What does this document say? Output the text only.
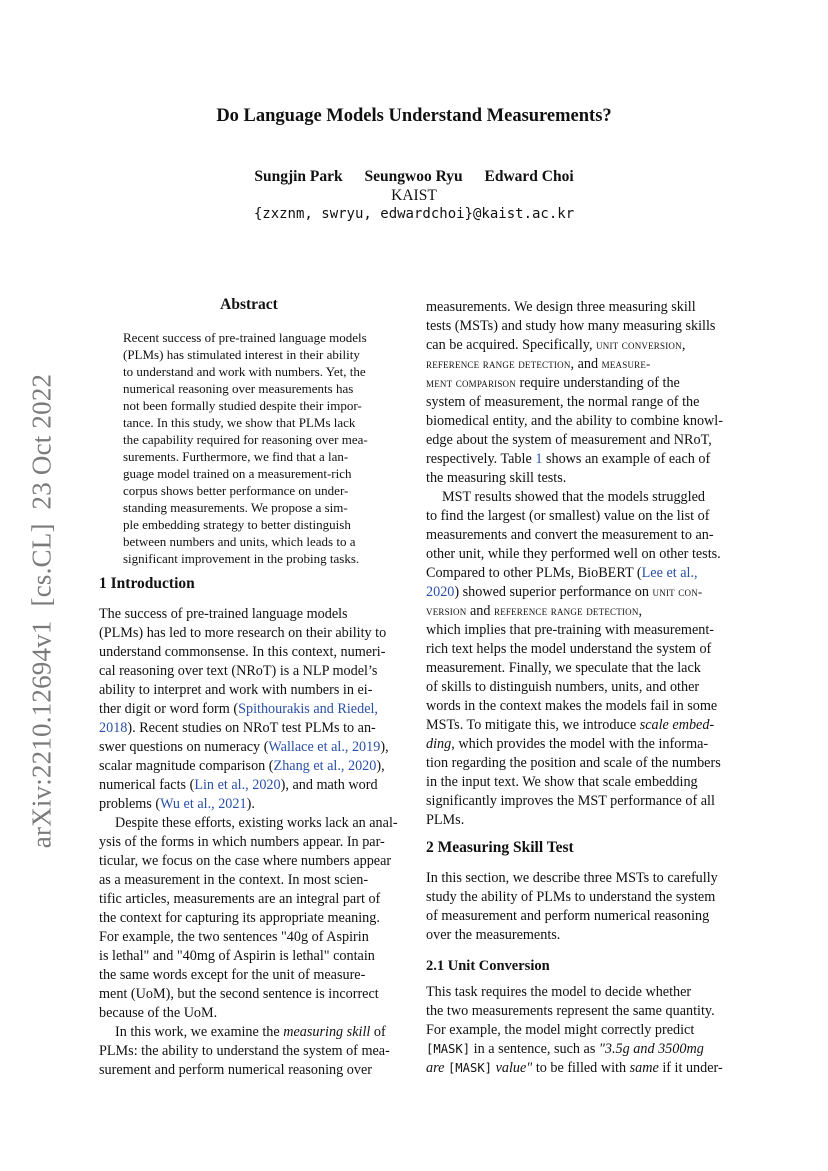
Do Language Models Understand Measurements?
Sungjin Park Seungwoo Ryu Edward Choi
KAIST
{zxznm, swryu, edwardchoi}@kaist.ac.kr
arXiv:2210.12694v1  [cs.CL]  23 Oct 2022
Abstract
Recent success of pre-trained language models
(PLMs) has stimulated interest in their ability
to understand and work with numbers. Yet, the
numerical reasoning over measurements has
not been formally studied despite their impor-
tance. In this study, we show that PLMs lack
the capability required for reasoning over mea-
surements. Furthermore, we find that a lan-
guage model trained on a measurement-rich
corpus shows better performance on under-
standing measurements. We propose a sim-
ple embedding strategy to better distinguish
between numbers and units, which leads to a
significant improvement in the probing tasks.
1 Introduction
The success of pre-trained language models
(PLMs) has led to more research on their ability to
understand commonsense. In this context, numeri-
cal reasoning over text (NRoT) is a NLP model’s
ability to interpret and work with numbers in ei-
ther digit or word form (Spithourakis and Riedel,
2018). Recent studies on NRoT test PLMs to an-
swer questions on numeracy (Wallace et al., 2019),
scalar magnitude comparison (Zhang et al., 2020),
numerical facts (Lin et al., 2020), and math word
problems (Wu et al., 2021).
Despite these efforts, existing works lack an anal-
ysis of the forms in which numbers appear. In par-
ticular, we focus on the case where numbers appear
as a measurement in the context. In most scien-
tific articles, measurements are an integral part of
the context for capturing its appropriate meaning.
For example, the two sentences "40g of Aspirin
is lethal" and "40mg of Aspirin is lethal" contain
the same words except for the unit of measure-
ment (UoM), but the second sentence is incorrect
because of the UoM.
In this work, we examine the measuring skill of
PLMs: the ability to understand the system of mea-
surement and perform numerical reasoning over
measurements. We design three measuring skill
tests (MSTs) and study how many measuring skills
can be acquired. Specifically, unit conversion,
reference range detection, and measure-
ment comparison require understanding of the
system of measurement, the normal range of the
biomedical entity, and the ability to combine knowl-
edge about the system of measurement and NRoT,
respectively. Table 1 shows an example of each of
the measuring skill tests.
MST results showed that the models struggled
to find the largest (or smallest) value on the list of
measurements and convert the measurement to an-
other unit, while they performed well on other tests.
Compared to other PLMs, BioBERT (Lee et al.,
2020) showed superior performance on unit con-
version and reference range detection,
which implies that pre-training with measurement-
rich text helps the model understand the system of
measurement. Finally, we speculate that the lack
of skills to distinguish numbers, units, and other
words in the context makes the models fail in some
MSTs. To mitigate this, we introduce scale embed-
ding, which provides the model with the informa-
tion regarding the position and scale of the numbers
in the input text. We show that scale embedding
significantly improves the MST performance of all
PLMs.
2 Measuring Skill Test
In this section, we describe three MSTs to carefully
study the ability of PLMs to understand the system
of measurement and perform numerical reasoning
over the measurements.
2.1 Unit Conversion
This task requires the model to decide whether
the two measurements represent the same quantity.
For example, the model might correctly predict
[MASK] in a sentence, such as "3.5g and 3500mg
are [MASK] value" to be filled with same if it under-
